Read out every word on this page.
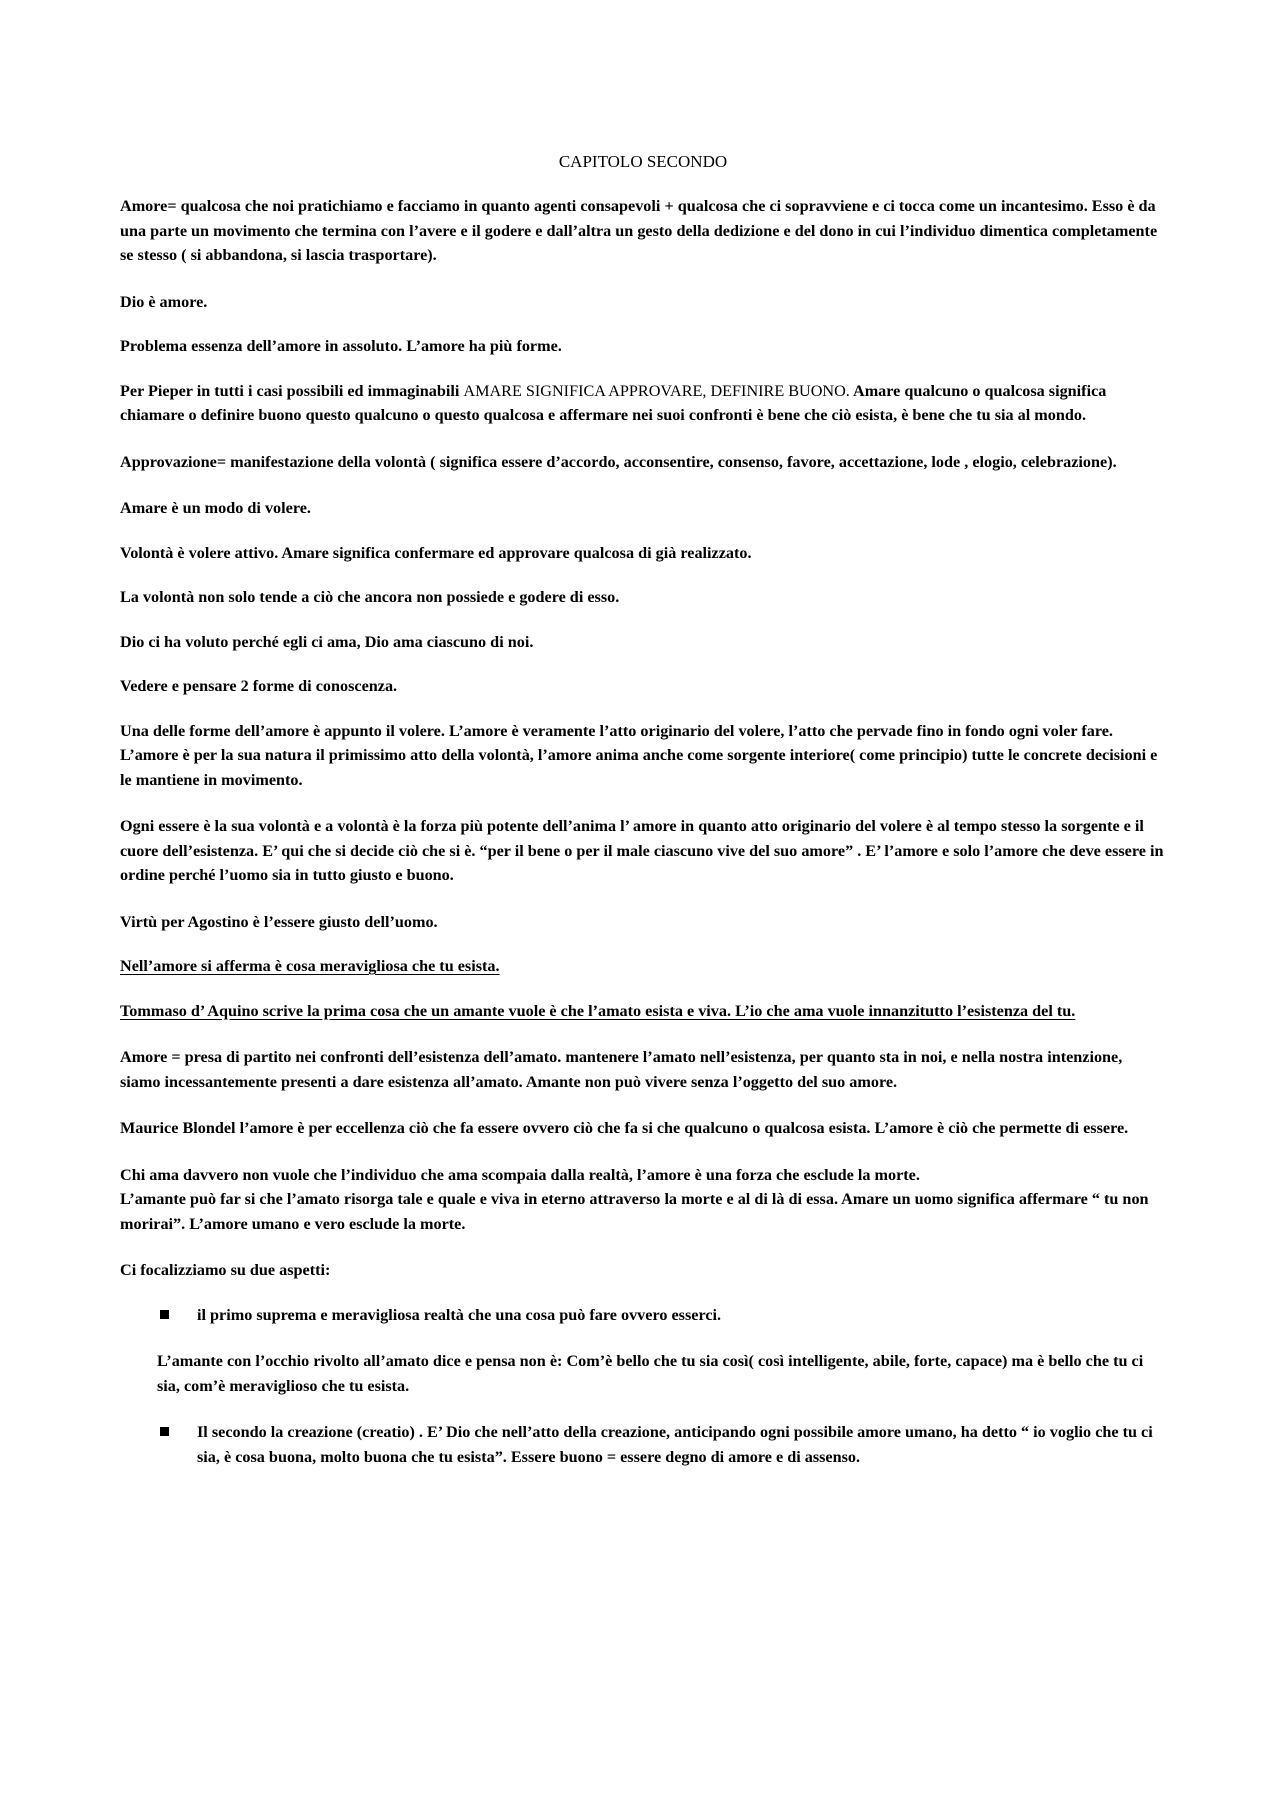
CAPITOLO SECONDO
Amore= qualcosa che noi pratichiamo e facciamo in quanto agenti consapevoli + qualcosa che ci sopravviene e ci tocca come un incantesimo. Esso è da una parte un movimento che termina con l’avere e il godere e dall’altra un gesto della dedizione e del dono in cui l’individuo dimentica completamente se stesso ( si abbandona, si lascia trasportare).
Dio è amore.
Problema essenza dell’amore in assoluto. L’amore ha più forme.
Per Pieper in tutti i casi possibili ed immaginabili AMARE SIGNIFICA APPROVARE, DEFINIRE BUONO. Amare qualcuno o qualcosa significa chiamare o definire buono questo qualcuno o questo qualcosa e affermare nei suoi confronti è bene che ciò esista, è bene che tu sia al mondo.
Approvazione= manifestazione della volontà ( significa essere d’accordo, acconsentire, consenso, favore, accettazione, lode , elogio, celebrazione).
Amare è un modo di volere.
Volontà è volere attivo. Amare significa confermare ed approvare qualcosa di già realizzato.
La volontà non solo tende a ciò che ancora non possiede e godere di esso.
Dio ci ha voluto perché egli ci ama, Dio ama ciascuno di noi.
Vedere e pensare 2 forme di conoscenza.
Una delle forme dell’amore è appunto il volere. L’amore è veramente l’atto originario del volere, l’atto che pervade fino in fondo ogni voler fare. L’amore è per la sua natura il primissimo atto della volontà, l’amore anima anche come sorgente interiore( come principio) tutte le concrete decisioni e le mantiene in movimento.
Ogni essere è la sua volontà e a volontà è la forza più potente dell’anima l’ amore in quanto atto originario del volere è al tempo stesso la sorgente e il cuore dell’esistenza. E’ qui che si decide ciò che si è. “per il bene o per il male ciascuno vive del suo amore” . E’ l’amore e solo l’amore che deve essere in ordine perché l’uomo sia in tutto giusto e buono.
Virtù per Agostino è l’essere giusto dell’uomo.
Nell’amore si afferma è cosa meravigliosa che tu esista.
Tommaso d’ Aquino scrive la prima cosa che un amante vuole è che l’amato esista e viva. L’io che ama vuole innanzitutto l’esistenza del tu.
Amore = presa di partito nei confronti dell’esistenza dell’amato. mantenere l’amato nell’esistenza, per quanto sta in noi, e nella nostra intenzione, siamo incessantemente presenti a dare esistenza all’amato. Amante non può vivere senza l’oggetto del suo amore.
Maurice Blondel l’amore è per eccellenza ciò che fa essere ovvero ciò che fa si che qualcuno o qualcosa esista. L’amore è ciò che permette di essere.
Chi ama davvero non vuole che l’individuo che ama scompaia dalla realtà, l’amore è una forza che esclude la morte.
L’amante può far si che l’amato risorga tale e quale e viva in eterno attraverso la morte e al di là di essa. Amare un uomo significa affermare “ tu non morirai”. L’amore umano e vero esclude la morte.
Ci focalizziamo su due aspetti:
il primo suprema e meravigliosa realtà che una cosa può fare ovvero esserci.
L’amante con l’occhio rivolto all’amato dice e pensa non è: Com’è bello che tu sia così( così intelligente, abile, forte, capace) ma è bello che tu ci sia, com’è meraviglioso che tu esista.
Il secondo la creazione (creatio) . E’ Dio che nell’atto della creazione, anticipando ogni possibile amore umano, ha detto “ io voglio che tu ci sia, è cosa buona, molto buona che tu esista”. Essere buono = essere degno di amore e di assenso.
